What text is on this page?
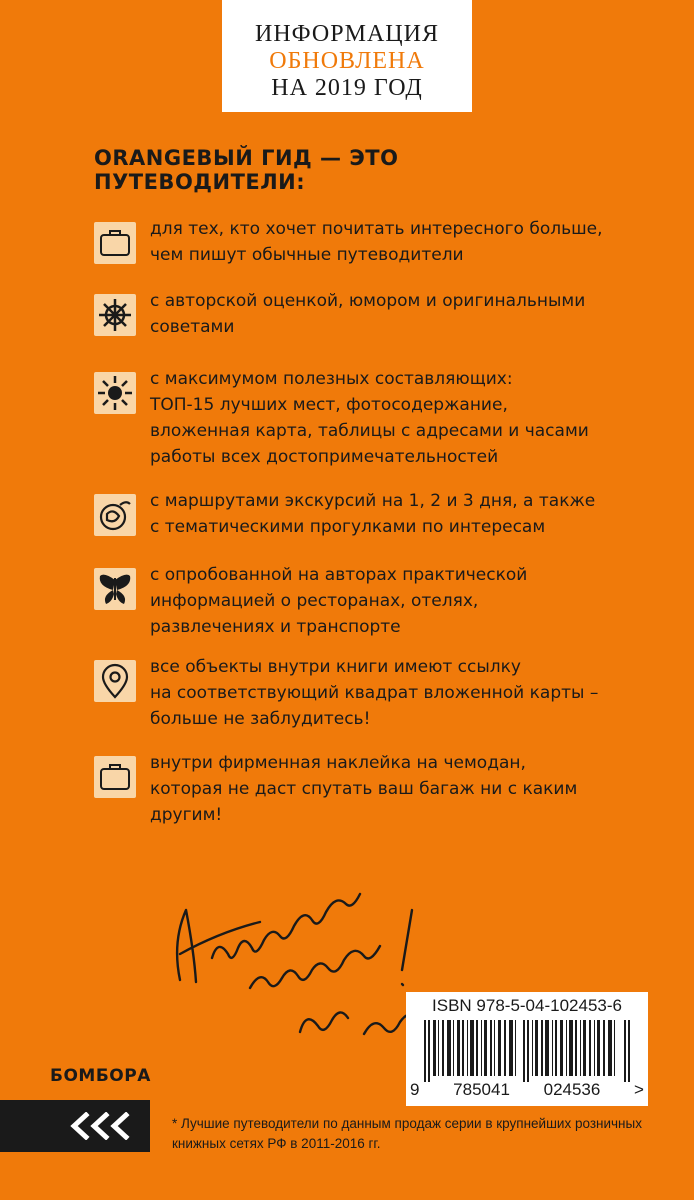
ИНФОРМАЦИЯ
ОБНОВЛЕНА
НА 2019 ГОД
ORANGEВЫЙ ГИД — ЭТО ПУТЕВОДИТЕЛИ:
для тех, кто хочет почитать интересного больше,
чем пишут обычные путеводители
с авторской оценкой, юмором и оригинальными
советами
с максимумом полезных составляющих:
ТОП-15 лучших мест, фотосодержание,
вложенная карта, таблицы с адресами и часами
работы всех достопримечательностей
с маршрутами экскурсий на 1, 2 и 3 дня, а также
с тематическими прогулками по интересам
с опробованной на авторах практической
информацией о ресторанах, отелях,
развлечениях и транспорте
все объекты внутри книги имеют ссылку
на соответствующий квадрат вложенной карты –
больше не заблудитесь!
внутри фирменная наклейка на чемодан,
которая не даст спутать ваш багаж ни с каким
другим!
ISBN 978-5-04-102453-6
9 785041 024536 >
БОМБОРА
* Лучшие путеводители по данным продаж серии в крупнейших розничных
книжных сетях РФ в 2011-2016 гг.
